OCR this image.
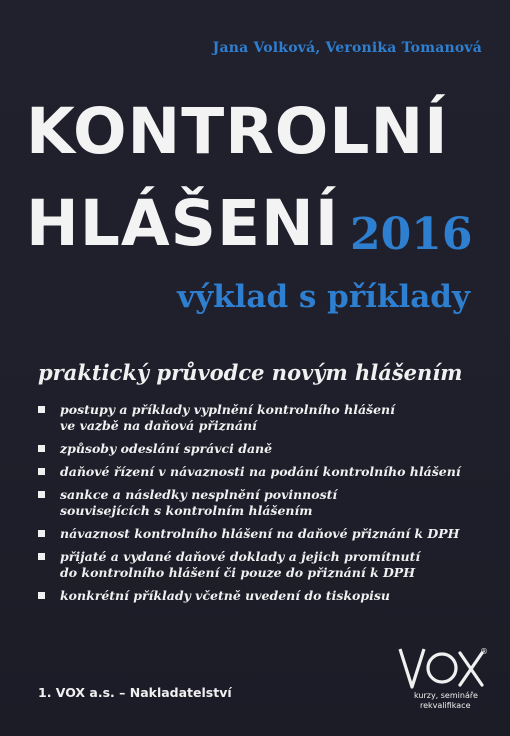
Jana Volková, Veronika Tomanová
KONTROLNÍ
HLÁŠENÍ 2016
výklad s příklady
praktický průvodce novým hlášením
postupy a příklady vyplnění kontrolního hlášení
ve vazbě na daňová přiznání
způsoby odeslání správci daně
daňové řízení v návaznosti na podání kontrolního hlášení
sankce a následky nesplnění povinností
souvisejících s kontrolním hlášením
návaznost kontrolního hlášení na daňové přiznání k DPH
přijaté a vydané daňové doklady a jejich promítnutí
do kontrolního hlášení či pouze do přiznání k DPH
konkrétní příklady včetně uvedení do tiskopisu
1. VOX a.s. – Nakladatelství
®
kurzy, semináře
rekvalifikace
